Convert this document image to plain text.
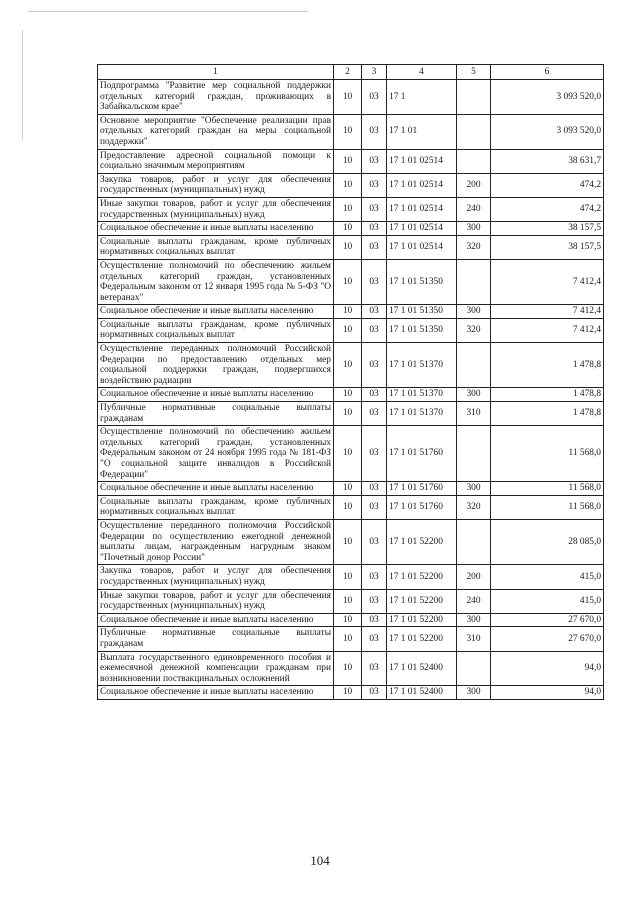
1	2	3	4	5	6
Подпрограмма "Развитие мер социальной поддержки отдельных категорий граждан, проживающих в Забайкальском крае"	10	03	17 1		3 093 520,0
Основное мероприятие "Обеспечение реализации прав отдельных категорий граждан на меры социальной поддержки"	10	03	17 1 01		3 093 520,0
Предоставление адресной социальной помощи к социально значимым мероприятиям	10	03	17 1 01 02514		38 631,7
Закупка товаров, работ и услуг для обеспечения государственных (муниципальных) нужд	10	03	17 1 01 02514	200	474,2
Иные закупки товаров, работ и услуг для обеспечения государственных (муниципальных) нужд	10	03	17 1 01 02514	240	474,2
Социальное обеспечение и иные выплаты населению	10	03	17 1 01 02514	300	38 157,5
Социальные выплаты гражданам, кроме публичных нормативных социальных выплат	10	03	17 1 01 02514	320	38 157,5
Осуществление полномочий по обеспечению жильем отдельных категорий граждан, установленных Федеральным законом от 12 января 1995 года № 5-ФЗ "О ветеранах"	10	03	17 1 01 51350		7 412,4
Социальное обеспечение и иные выплаты населению	10	03	17 1 01 51350	300	7 412,4
Социальные выплаты гражданам, кроме публичных нормативных социальных выплат	10	03	17 1 01 51350	320	7 412,4
Осуществление переданных полномочий Российской Федерации по предоставлению отдельных мер социальной поддержки граждан, подвергшихся воздействию радиации	10	03	17 1 01 51370		1 478,8
Социальное обеспечение и иные выплаты населению	10	03	17 1 01 51370	300	1 478,8
Публичные нормативные социальные выплаты гражданам	10	03	17 1 01 51370	310	1 478,8
Осуществление полномочий по обеспечению жильем отдельных категорий граждан, установленных Федеральным законом от 24 ноября 1995 года № 181-ФЗ "О социальной защите инвалидов в Российской Федерации"	10	03	17 1 01 51760		11 568,0
Социальное обеспечение и иные выплаты населению	10	03	17 1 01 51760	300	11 568,0
Социальные выплаты гражданам, кроме публичных нормативных социальных выплат	10	03	17 1 01 51760	320	11 568,0
Осуществление переданного полномочия Российской Федерации по осуществлению ежегодной денежной выплаты лицам, награжденным нагрудным знаком "Почетный донор России"	10	03	17 1 01 52200		28 085,0
Закупка товаров, работ и услуг для обеспечения государственных (муниципальных) нужд	10	03	17 1 01 52200	200	415,0
Иные закупки товаров, работ и услуг для обеспечения государственных (муниципальных) нужд	10	03	17 1 01 52200	240	415,0
Социальное обеспечение и иные выплаты населению	10	03	17 1 01 52200	300	27 670,0
Публичные нормативные социальные выплаты гражданам	10	03	17 1 01 52200	310	27 670,0
Выплата государственного единовременного пособия и ежемесячной денежной компенсации гражданам при возникновении поствакцинальных осложнений	10	03	17 1 01 52400		94,0
Социальное обеспечение и иные выплаты населению	10	03	17 1 01 52400	300	94,0
104
